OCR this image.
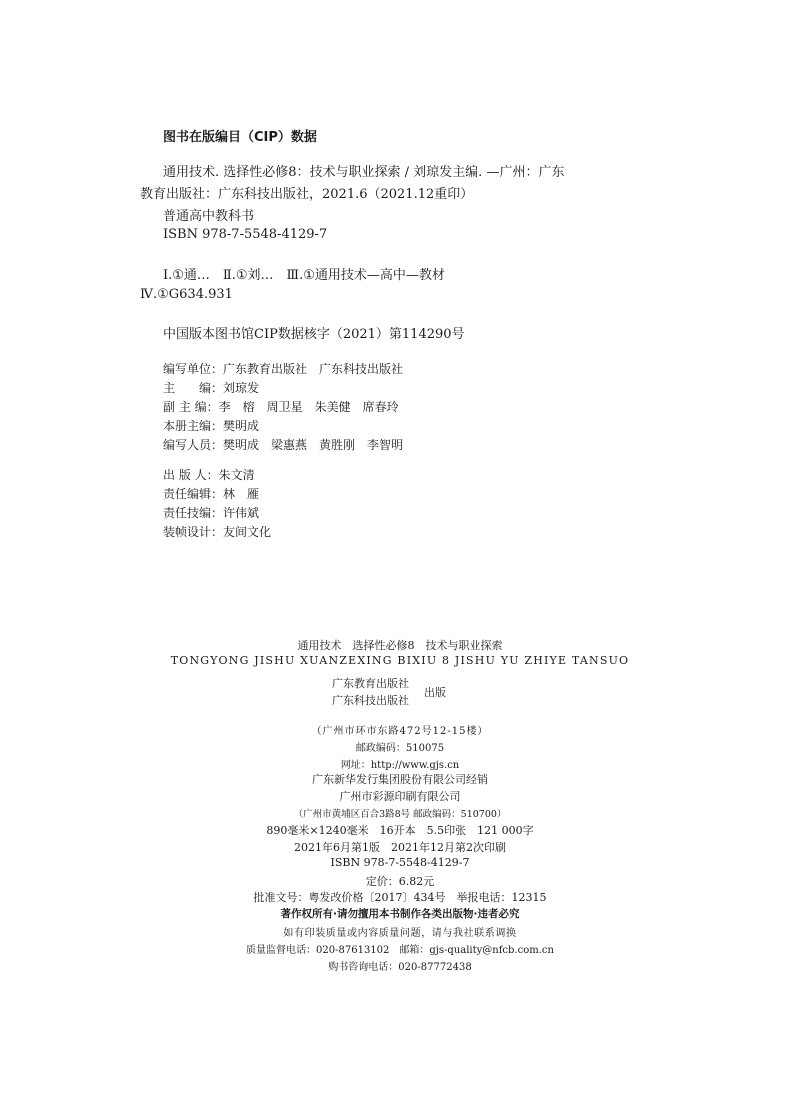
图书在版编目（CIP）数据
通用技术. 选择性必修8：技术与职业探索 / 刘琼发主编. —广州：广东
教育出版社：广东科技出版社，2021.6（2021.12重印）
普通高中教科书
ISBN 978-7-5548-4129-7
Ⅰ.①通…　Ⅱ.①刘…　Ⅲ.①通用技术—高中—教材
Ⅳ.①G634.931
中国版本图书馆CIP数据核字（2021）第114290号
编写单位：广东教育出版社　广东科技出版社
主　　编：刘琼发
副 主 编：李　榕　周卫星　朱美健　席春玲
本册主编：樊明成
编写人员：樊明成　梁惠燕　黄胜刚　李智明
出 版 人：朱文清
责任编辑：林　雁
责任技编：许伟斌
装帧设计：友间文化
通用技术　选择性必修8　技术与职业探索
TONGYONG JISHU XUANZEXING BIXIU 8 JISHU YU ZHIYE TANSUO
广东教育出版社
广东科技出版社
出版
（广州市环市东路472号12-15楼）
邮政编码：510075
网址：http://www.gjs.cn
广东新华发行集团股份有限公司经销
广州市彩源印刷有限公司
（广州市黄埔区百合3路8号 邮政编码：510700）
890毫米×1240毫米　16开本　5.5印张　121 000字
2021年6月第1版　2021年12月第2次印刷
ISBN 978-7-5548-4129-7
定价：6.82元
批准文号：粤发改价格〔2017〕434号　举报电话：12315
著作权所有·请勿擅用本书制作各类出版物·违者必究
如有印装质量或内容质量问题，请与我社联系调换
质量监督电话：020-87613102　邮箱：gjs-quality@nfcb.com.cn
购书咨询电话：020-87772438
